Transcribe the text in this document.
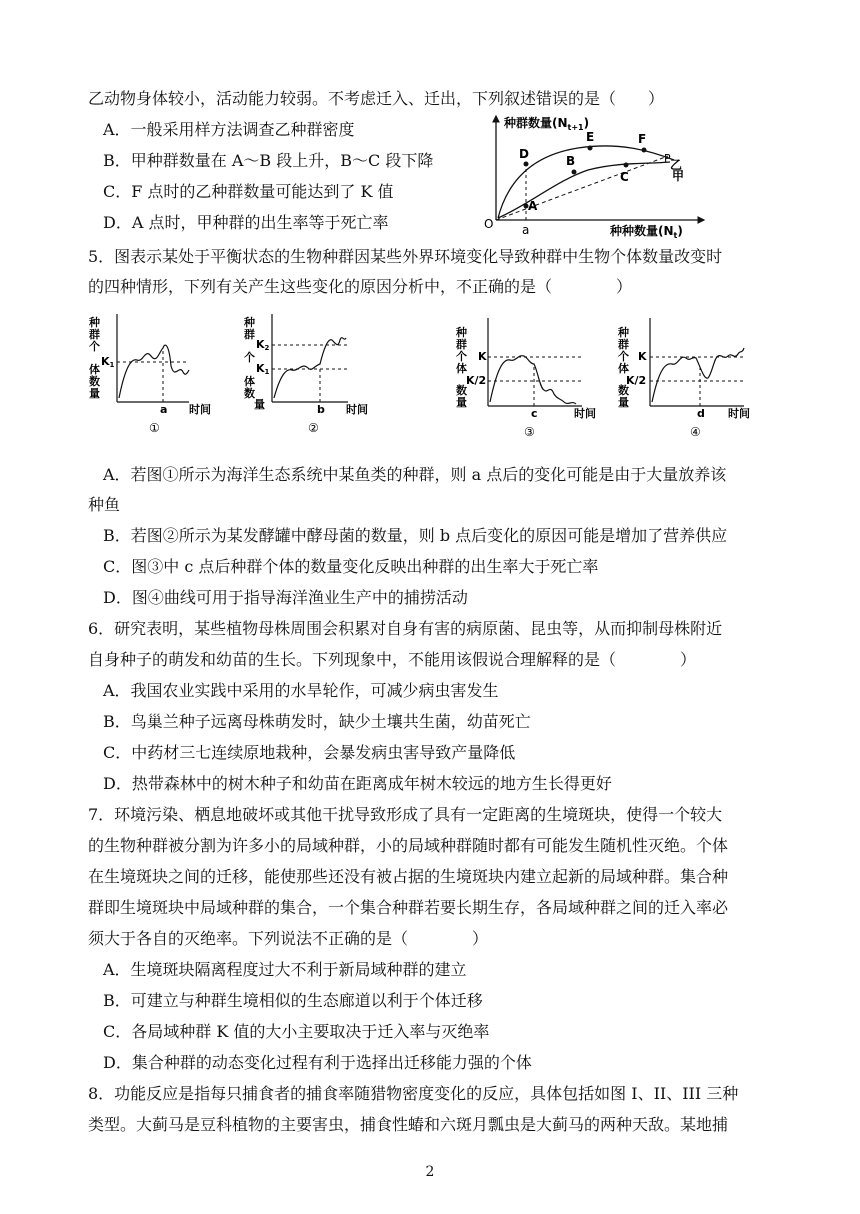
乙动物身体较小，活动能力较弱。不考虑迁入、迁出，下列叙述错误的是（　　）
A．一般采用样方法调查乙种群密度
B．甲种群数量在 A～B 段上升，B～C 段下降
C．F 点时的乙种群数量可能达到了 K 值
D．A 点时，甲种群的出生率等于死亡率
种群数量$(N_{t+1})$
种种数量$(N_t)$
O a
P 乙
甲
A
D	B
E
C
F
5．图表示某处于平衡状态的生物种群因某些外界环境变化导致种群中生物个体数量改变时
的四种情形，下列有关产生这些变化的原因分析中，不正确的是（　　　　）
种
群
个
体
数
量
K1
a 时间
①
种
群
个
体
数
量
K2
K1
b 时间
②
种
群
个
体
数
量
K
K/2
c	时间
③
种
群
个
体
数
量
K
K/2
d 时间
④
A．若图①所示为海洋生态系统中某鱼类的种群，则 a 点后的变化可能是由于大量放养该
种鱼
B．若图②所示为某发酵罐中酵母菌的数量，则 b 点后变化的原因可能是增加了营养供应
C．图③中 c 点后种群个体的数量变化反映出种群的出生率大于死亡率
D．图④曲线可用于指导海洋渔业生产中的捕捞活动
6．研究表明，某些植物母株周围会积累对自身有害的病原菌、昆虫等，从而抑制母株附近
自身种子的萌发和幼苗的生长。下列现象中，不能用该假说合理解释的是（　　　　）
A．我国农业实践中采用的水旱轮作，可减少病虫害发生
B．鸟巢兰种子远离母株萌发时，缺少土壤共生菌，幼苗死亡
C．中药材三七连续原地栽种，会暴发病虫害导致产量降低
D．热带森林中的树木种子和幼苗在距离成年树木较远的地方生长得更好
7．环境污染、栖息地破坏或其他干扰导致形成了具有一定距离的生境斑块，使得一个较大
的生物种群被分割为许多小的局域种群，小的局域种群随时都有可能发生随机性灭绝。个体
在生境斑块之间的迁移，能使那些还没有被占据的生境斑块内建立起新的局域种群。集合种
群即生境斑块中局域种群的集合，一个集合种群若要长期生存，各局域种群之间的迁入率必
须大于各自的灭绝率。下列说法不正确的是（　　　　）
A．生境斑块隔离程度过大不利于新局域种群的建立
B．可建立与种群生境相似的生态廊道以利于个体迁移
C．各局域种群 K 值的大小主要取决于迁入率与灭绝率
D．集合种群的动态变化过程有利于选择出迁移能力强的个体
8．功能反应是指每只捕食者的捕食率随猎物密度变化的反应，具体包括如图 I、II、III 三种
类型。大蓟马是豆科植物的主要害虫，捕食性蝽和六斑月瓢虫是大蓟马的两种天敌。某地捕
2
